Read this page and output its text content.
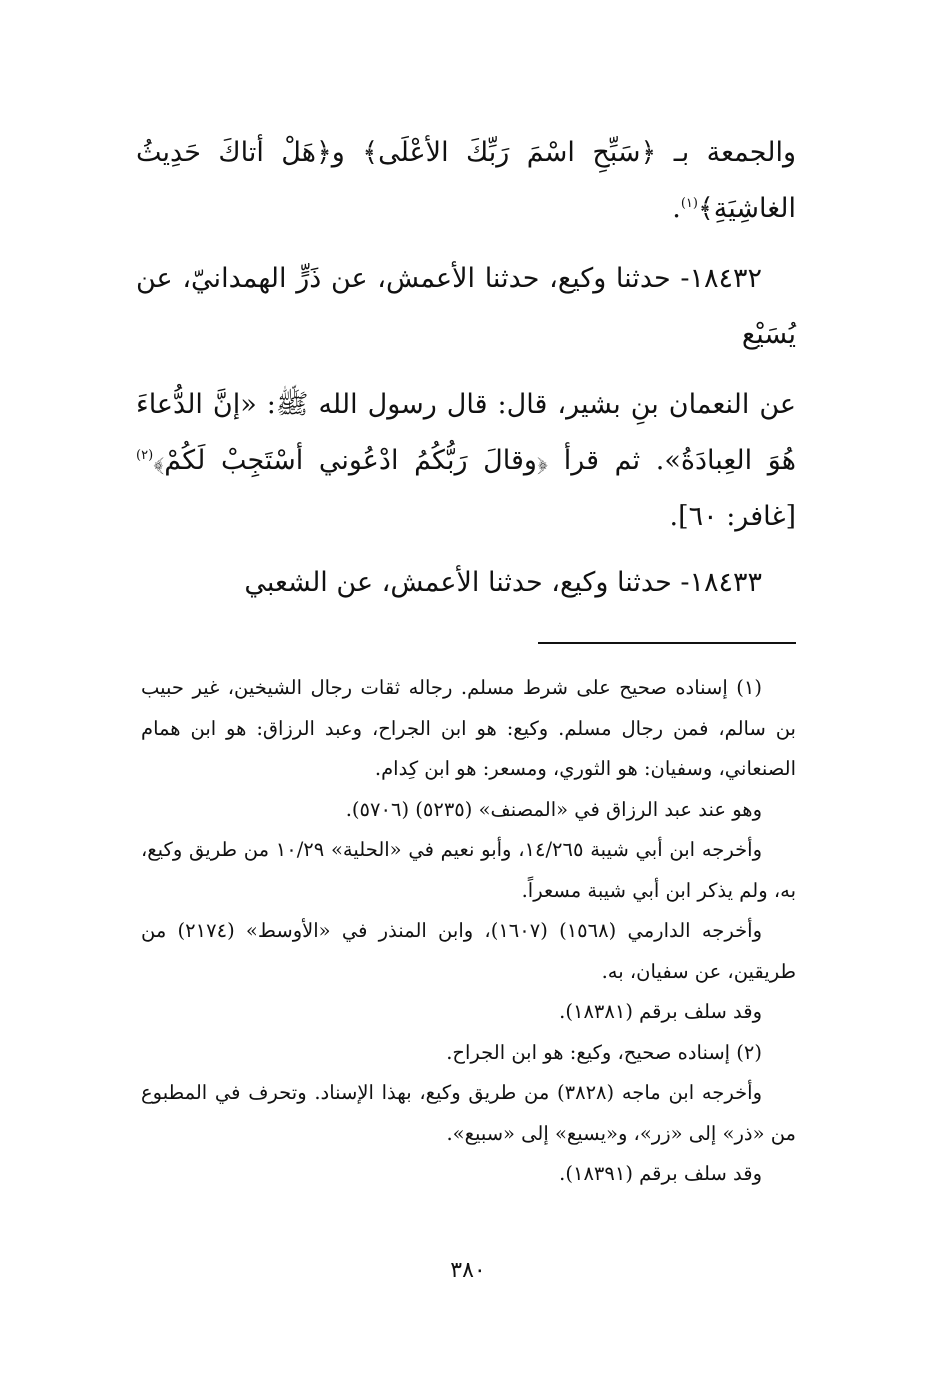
والجمعة بـ ﴿سَبِّحِ اسْمَ رَبِّكَ الأعْلَى﴾ و﴿هَلْ أتاكَ حَدِيثُ الغاشِيَةِ﴾$^{(١)}$.

١٨٤٣٢- حدثنا وكيع، حدثنا الأعمش، عن ذَرٍّ الهمدانيّ، عن يُسَيْع

عن النعمان بنِ بشير، قال: قال رسول الله ﷺ: «إنَّ الدُّعاءَ هُوَ العِبادَةُ». ثم قرأ ﴿وقالَ رَبُّكُمُ ادْعُوني أسْتَجِبْ لَكُمْ﴾$^{(٢)}$ [غافر: ٦٠].

١٨٤٣٣- حدثنا وكيع، حدثنا الأعمش، عن الشعبي

(١) إسناده صحيح على شرط مسلم. رجاله ثقات رجال الشيخين، غير حبيب بن سالم، فمن رجال مسلم. وكيع: هو ابن الجراح، وعبد الرزاق: هو ابن همام الصنعاني، وسفيان: هو الثوري، ومسعر: هو ابن كِدام.

وهو عند عبد الرزاق في «المصنف» (٥٢٣٥) (٥٧٠٦).

وأخرجه ابن أبي شيبة ١٤/٢٦٥، وأبو نعيم في «الحلية» ١٠/٢٩ من طريق وكيع، به، ولم يذكر ابن أبي شيبة مسعراً.

وأخرجه الدارمي (١٥٦٨) (١٦٠٧)، وابن المنذر في «الأوسط» (٢١٧٤) من طريقين، عن سفيان، به.

وقد سلف برقم (١٨٣٨١).

(٢) إسناده صحيح، وكيع: هو ابن الجراح.

وأخرجه ابن ماجه (٣٨٢٨) من طريق وكيع، بهذا الإسناد. وتحرف في المطبوع من «ذر» إلى «زر»، و«يسيع» إلى «سبيع».

وقد سلف برقم (١٨٣٩١).

٣٨٠
